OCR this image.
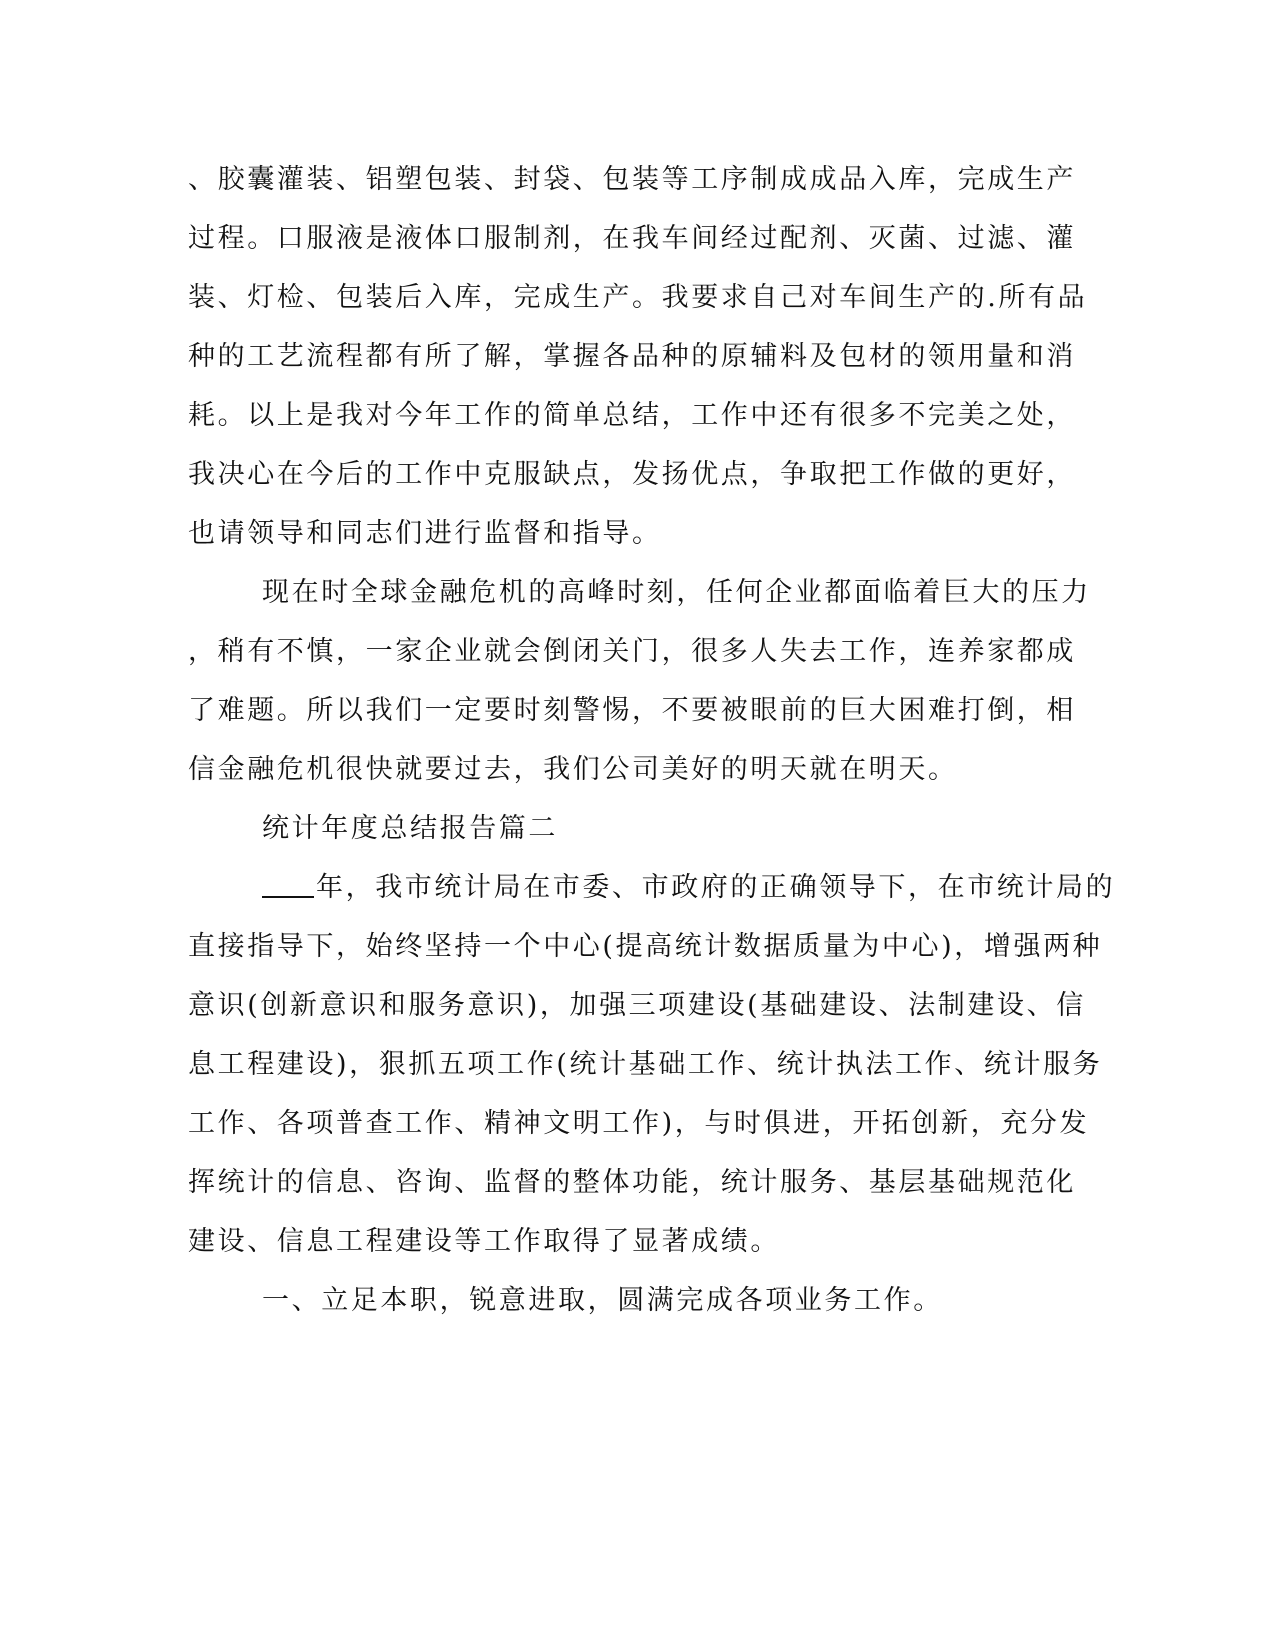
、胶囊灌装、铝塑包装、封袋、包装等工序制成成品入库，完成生产
过程。口服液是液体口服制剂，在我车间经过配剂、灭菌、过滤、灌
装、灯检、包装后入库，完成生产。我要求自己对车间生产的.所有品
种的工艺流程都有所了解，掌握各品种的原辅料及包材的领用量和消
耗。以上是我对今年工作的简单总结，工作中还有很多不完美之处，
我决心在今后的工作中克服缺点，发扬优点，争取把工作做的更好，
也请领导和同志们进行监督和指导。
现在时全球金融危机的高峰时刻，任何企业都面临着巨大的压力
，稍有不慎，一家企业就会倒闭关门，很多人失去工作，连养家都成
了难题。所以我们一定要时刻警惕，不要被眼前的巨大困难打倒，相
信金融危机很快就要过去，我们公司美好的明天就在明天。
统计年度总结报告篇二
年，我市统计局在市委、市政府的正确领导下，在市统计局的
直接指导下，始终坚持一个中心(提高统计数据质量为中心)，增强两种
意识(创新意识和服务意识)，加强三项建设(基础建设、法制建设、信
息工程建设)，狠抓五项工作(统计基础工作、统计执法工作、统计服务
工作、各项普查工作、精神文明工作)，与时俱进，开拓创新，充分发
挥统计的信息、咨询、监督的整体功能，统计服务、基层基础规范化
建设、信息工程建设等工作取得了显著成绩。
一、立足本职，锐意进取，圆满完成各项业务工作。
